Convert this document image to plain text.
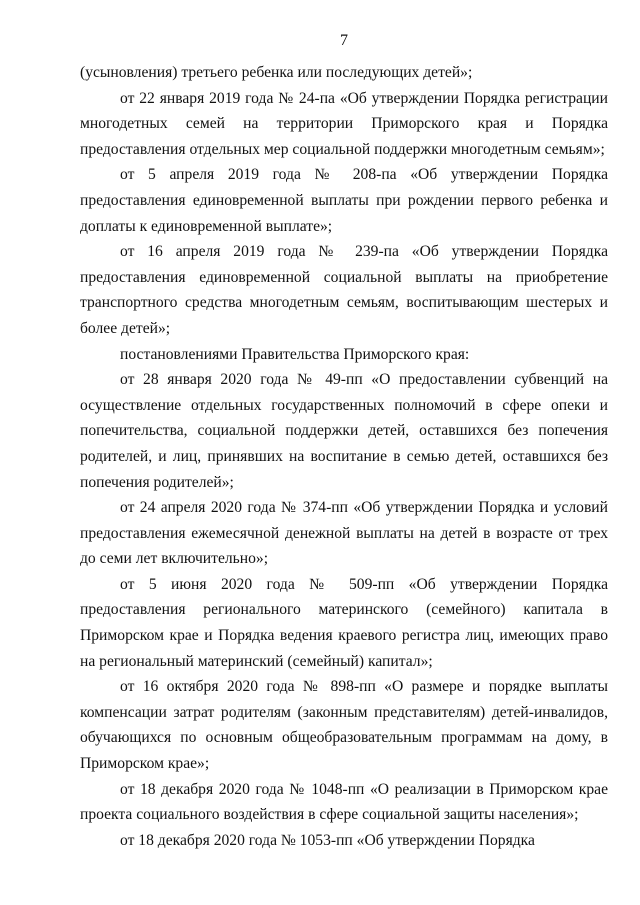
7

(усыновления) третьего ребенка или последующих детей»;

от 22 января 2019 года № 24-па «Об утверждении Порядка регистрации многодетных семей на территории Приморского края и Порядка предоставления отдельных мер социальной поддержки многодетным семьям»;

от 5 апреля 2019 года № 208-па «Об утверждении Порядка предоставления единовременной выплаты при рождении первого ребенка и доплаты к единовременной выплате»;

от 16 апреля 2019 года № 239-па «Об утверждении Порядка предоставления единовременной социальной выплаты на приобретение транспортного средства многодетным семьям, воспитывающим шестерых и более детей»;

постановлениями Правительства Приморского края:

от 28 января 2020 года № 49-пп «О предоставлении субвенций на осуществление отдельных государственных полномочий в сфере опеки и попечительства, социальной поддержки детей, оставшихся без попечения родителей, и лиц, принявших на воспитание в семью детей, оставшихся без попечения родителей»;

от 24 апреля 2020 года № 374-пп «Об утверждении Порядка и условий предоставления ежемесячной денежной выплаты на детей в возрасте от трех до семи лет включительно»;

от 5 июня 2020 года № 509-пп «Об утверждении Порядка предоставления регионального материнского (семейного) капитала в Приморском крае и Порядка ведения краевого регистра лиц, имеющих право на региональный материнский (семейный) капитал»;

от 16 октября 2020 года № 898-пп «О размере и порядке выплаты компенсации затрат родителям (законным представителям) детей-инвалидов, обучающихся по основным общеобразовательным программам на дому, в Приморском крае»;

от 18 декабря 2020 года № 1048-пп «О реализации в Приморском крае проекта социального воздействия в сфере социальной защиты населения»;

от 18 декабря 2020 года № 1053-пп «Об утверждении Порядка
